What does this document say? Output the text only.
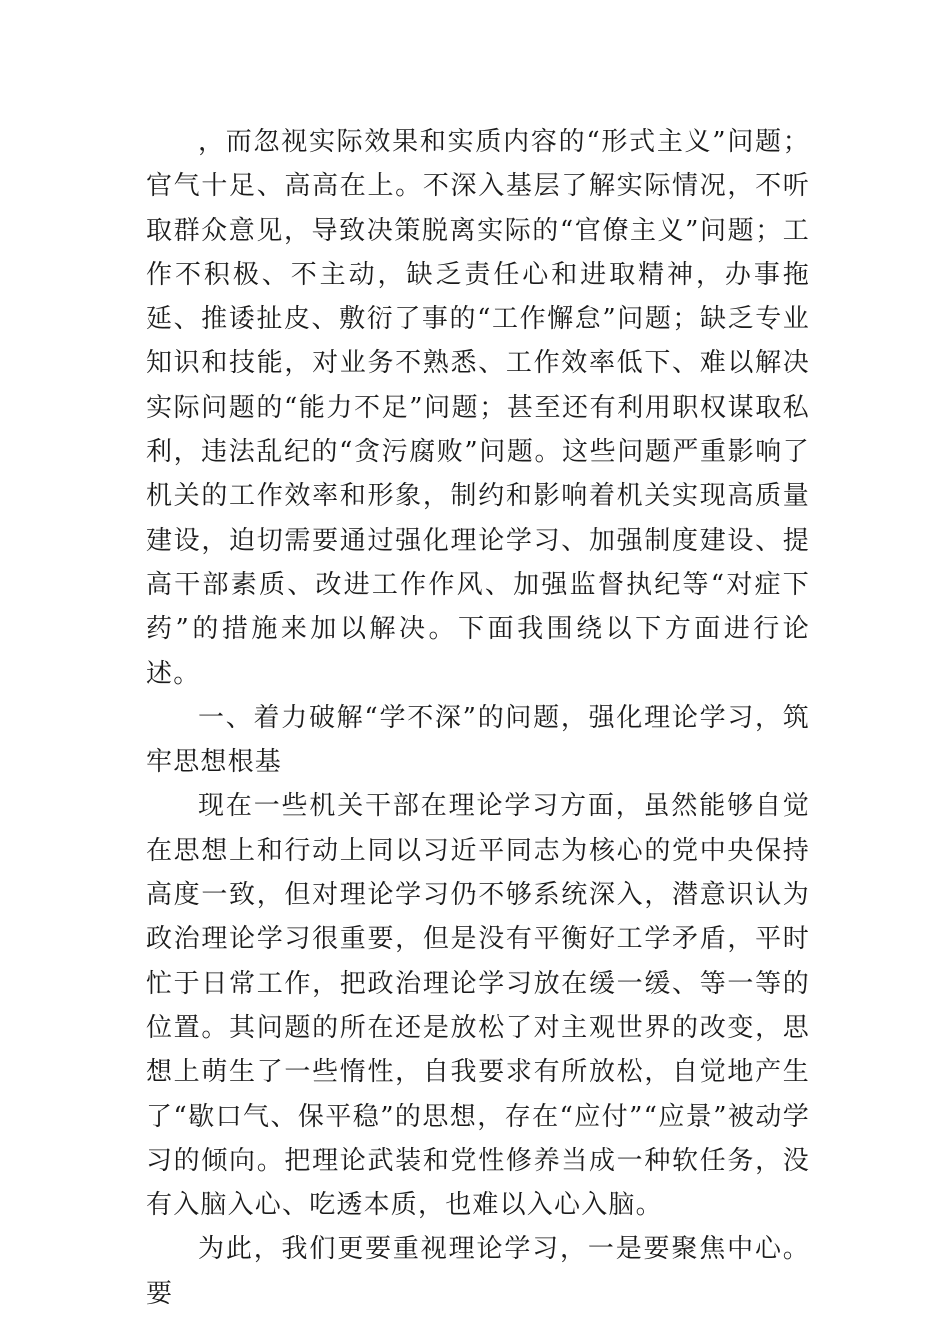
，而忽视实际效果和实质内容的“形式主义”问题；官气十足、高高在上。不深入基层了解实际情况，不听取群众意见，导致决策脱离实际的“官僚主义”问题；工作不积极、不主动，缺乏责任心和进取精神，办事拖延、推诿扯皮、敷衍了事的“工作懈怠”问题；缺乏专业知识和技能，对业务不熟悉、工作效率低下、难以解决实际问题的“能力不足”问题；甚至还有利用职权谋取私利，违法乱纪的“贪污腐败”问题。这些问题严重影响了机关的工作效率和形象，制约和影响着机关实现高质量建设，迫切需要通过强化理论学习、加强制度建设、提高干部素质、改进工作作风、加强监督执纪等“对症下药”的措施来加以解决。下面我围绕以下方面进行论述。

一、着力破解“学不深”的问题，强化理论学习，筑牢思想根基

现在一些机关干部在理论学习方面，虽然能够自觉在思想上和行动上同以习近平同志为核心的党中央保持高度一致，但对理论学习仍不够系统深入，潜意识认为政治理论学习很重要，但是没有平衡好工学矛盾，平时忙于日常工作，把政治理论学习放在缓一缓、等一等的位置。其问题的所在还是放松了对主观世界的改变，思想上萌生了一些惰性，自我要求有所放松，自觉地产生了“歇口气、保平稳”的思想，存在“应付”“应景”被动学习的倾向。把理论武装和党性修养当成一种软任务，没有入脑入心、吃透本质，也难以入心入脑。

为此，我们更要重视理论学习，一是要聚焦中心。要
